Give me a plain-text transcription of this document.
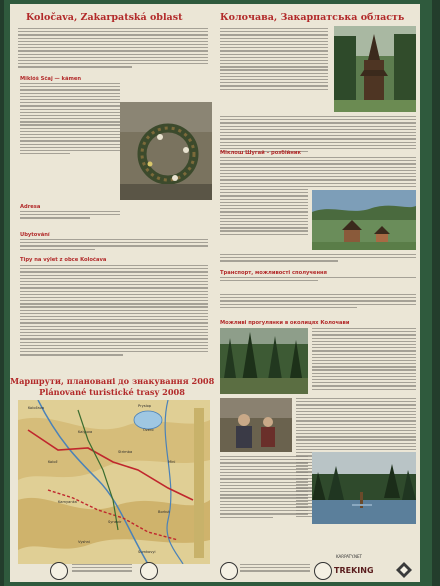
Koločava, Zakarpatská oblast
Miklóš Ščaj — kámen
Adresa
Ubytování
Tipy na výlet z obce Koločava
Маршрути, плановані до знакування 2008
Plánované turistické trasy 2008
Koločava
Kalyuva
Pryslop
Strimba
Koloč	Mini
Kamyanka
Ozero
Synevir
Borkut
Vyshni
Sumkovyi
Колочава, Закарпатська область
Міклош Шугай – розбійник
Транспорт, можливості сполучення
Можливі прогулянки в околицях Колочави
KARPATY.NET
TREKING
